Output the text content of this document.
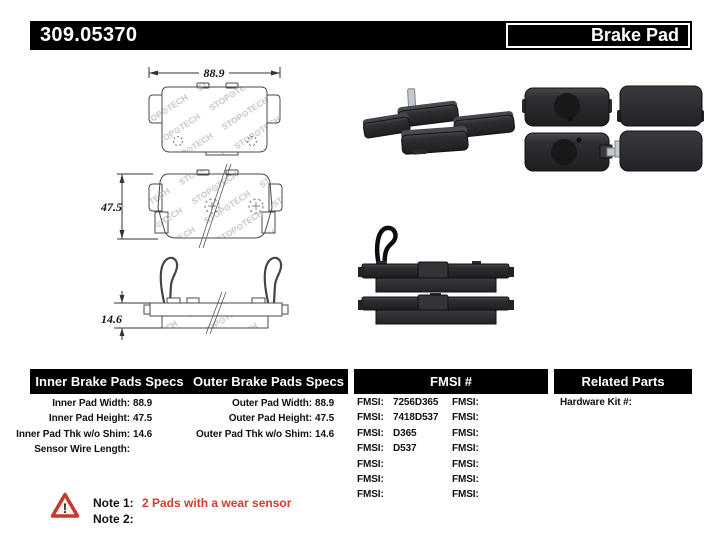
309.05370	Brake Pad
88.9
47.5
14.6
Inner Brake Pads Specs Outer Brake Pads Specs	FMSI #	Related Parts
Inner Pad Width: 88.9
Inner Pad Height: 47.5
Inner Pad Thk w/o Shim: 14.6
Sensor Wire Length:
Outer Pad Width: 88.9
Outer Pad Height: 47.5
Outer Pad Thk w/o Shim: 14.6
FMSI: 7256D365
FMSI: 7418D537
FMSI: D365
FMSI: D537
FMSI:
FMSI:
FMSI:
FMSI:
FMSI:
FMSI:
FMSI:
FMSI:
FMSI:
FMSI:
Hardware Kit #:
! Note 1: 2 Pads with a wear sensor
Note 2:
